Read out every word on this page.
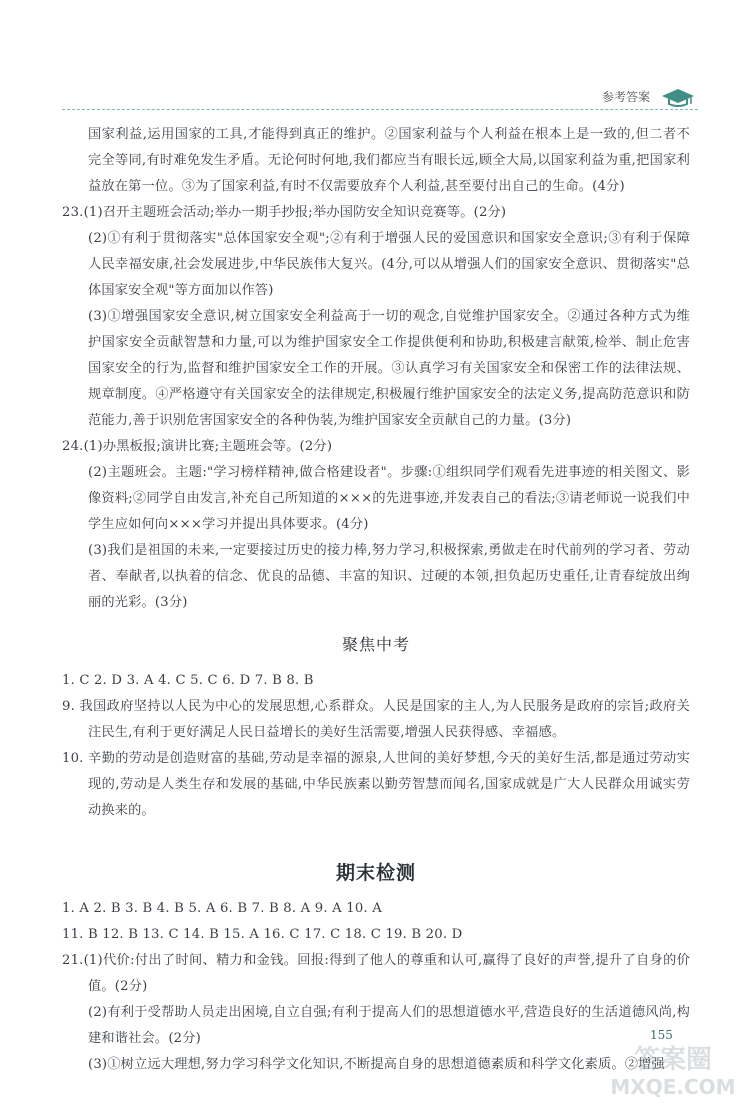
参考答案

国家利益,运用国家的工具,才能得到真正的维护。②国家利益与个人利益在根本上是一致的,但二者不完全等同,有时难免发生矛盾。无论何时何地,我们都应当有眼长远,顾全大局,以国家利益为重,把国家利益放在第一位。③为了国家利益,有时不仅需要放弃个人利益,甚至要付出自己的生命。(4分)

23.(1)召开主题班会活动;举办一期手抄报;举办国防安全知识竞赛等。(2分)

(2)①有利于贯彻落实"总体国家安全观";②有利于增强人民的爱国意识和国家安全意识;③有利于保障人民幸福安康,社会发展进步,中华民族伟大复兴。(4分,可以从增强人们的国家安全意识、贯彻落实"总体国家安全观"等方面加以作答)

(3)①增强国家安全意识,树立国家安全利益高于一切的观念,自觉维护国家安全。②通过各种方式为维护国家安全贡献智慧和力量,可以为维护国家安全工作提供便利和协助,积极建言献策,检举、制止危害国家安全的行为,监督和维护国家安全工作的开展。③认真学习有关国家安全和保密工作的法律法规、规章制度。④严格遵守有关国家安全的法律规定,积极履行维护国家安全的法定义务,提高防范意识和防范能力,善于识别危害国家安全的各种伪装,为维护国家安全贡献自己的力量。(3分)

24.(1)办黑板报;演讲比赛;主题班会等。(2分)

(2)主题班会。主题:"学习榜样精神,做合格建设者"。步骤:①组织同学们观看先进事迹的相关图文、影像资料;②同学自由发言,补充自己所知道的×××的先进事迹,并发表自己的看法;③请老师说一说我们中学生应如何向×××学习并提出具体要求。(4分)

(3)我们是祖国的未来,一定要接过历史的接力棒,努力学习,积极探索,勇做走在时代前列的学习者、劳动者、奉献者,以执着的信念、优良的品德、丰富的知识、过硬的本领,担负起历史重任,让青春绽放出绚丽的光彩。(3分)

聚焦中考

1. C 2. D 3. A 4. C 5. C 6. D 7. B 8. B

9. 我国政府坚持以人民为中心的发展思想,心系群众。人民是国家的主人,为人民服务是政府的宗旨;政府关注民生,有利于更好满足人民日益增长的美好生活需要,增强人民获得感、幸福感。

10. 辛勤的劳动是创造财富的基础,劳动是幸福的源泉,人世间的美好梦想,今天的美好生活,都是通过劳动实现的,劳动是人类生存和发展的基础,中华民族素以勤劳智慧而闻名,国家成就是广大人民群众用诚实劳动换来的。

期末检测

1. A 2. B 3. B 4. B 5. A 6. B 7. B 8. A 9. A 10. A

11. B 12. B 13. C 14. B 15. A 16. C 17. C 18. C 19. B 20. D

21.(1)代价:付出了时间、精力和金钱。回报:得到了他人的尊重和认可,赢得了良好的声誉,提升了自身的价值。(2分)

(2)有利于受帮助人员走出困境,自立自强;有利于提高人们的思想道德水平,营造良好的生活道德风尚,构建和谐社会。(2分)

(3)①树立远大理想,努力学习科学文化知识,不断提高自身的思想道德素质和科学文化素质。②增强

155
答案圈
MXQE.COM
